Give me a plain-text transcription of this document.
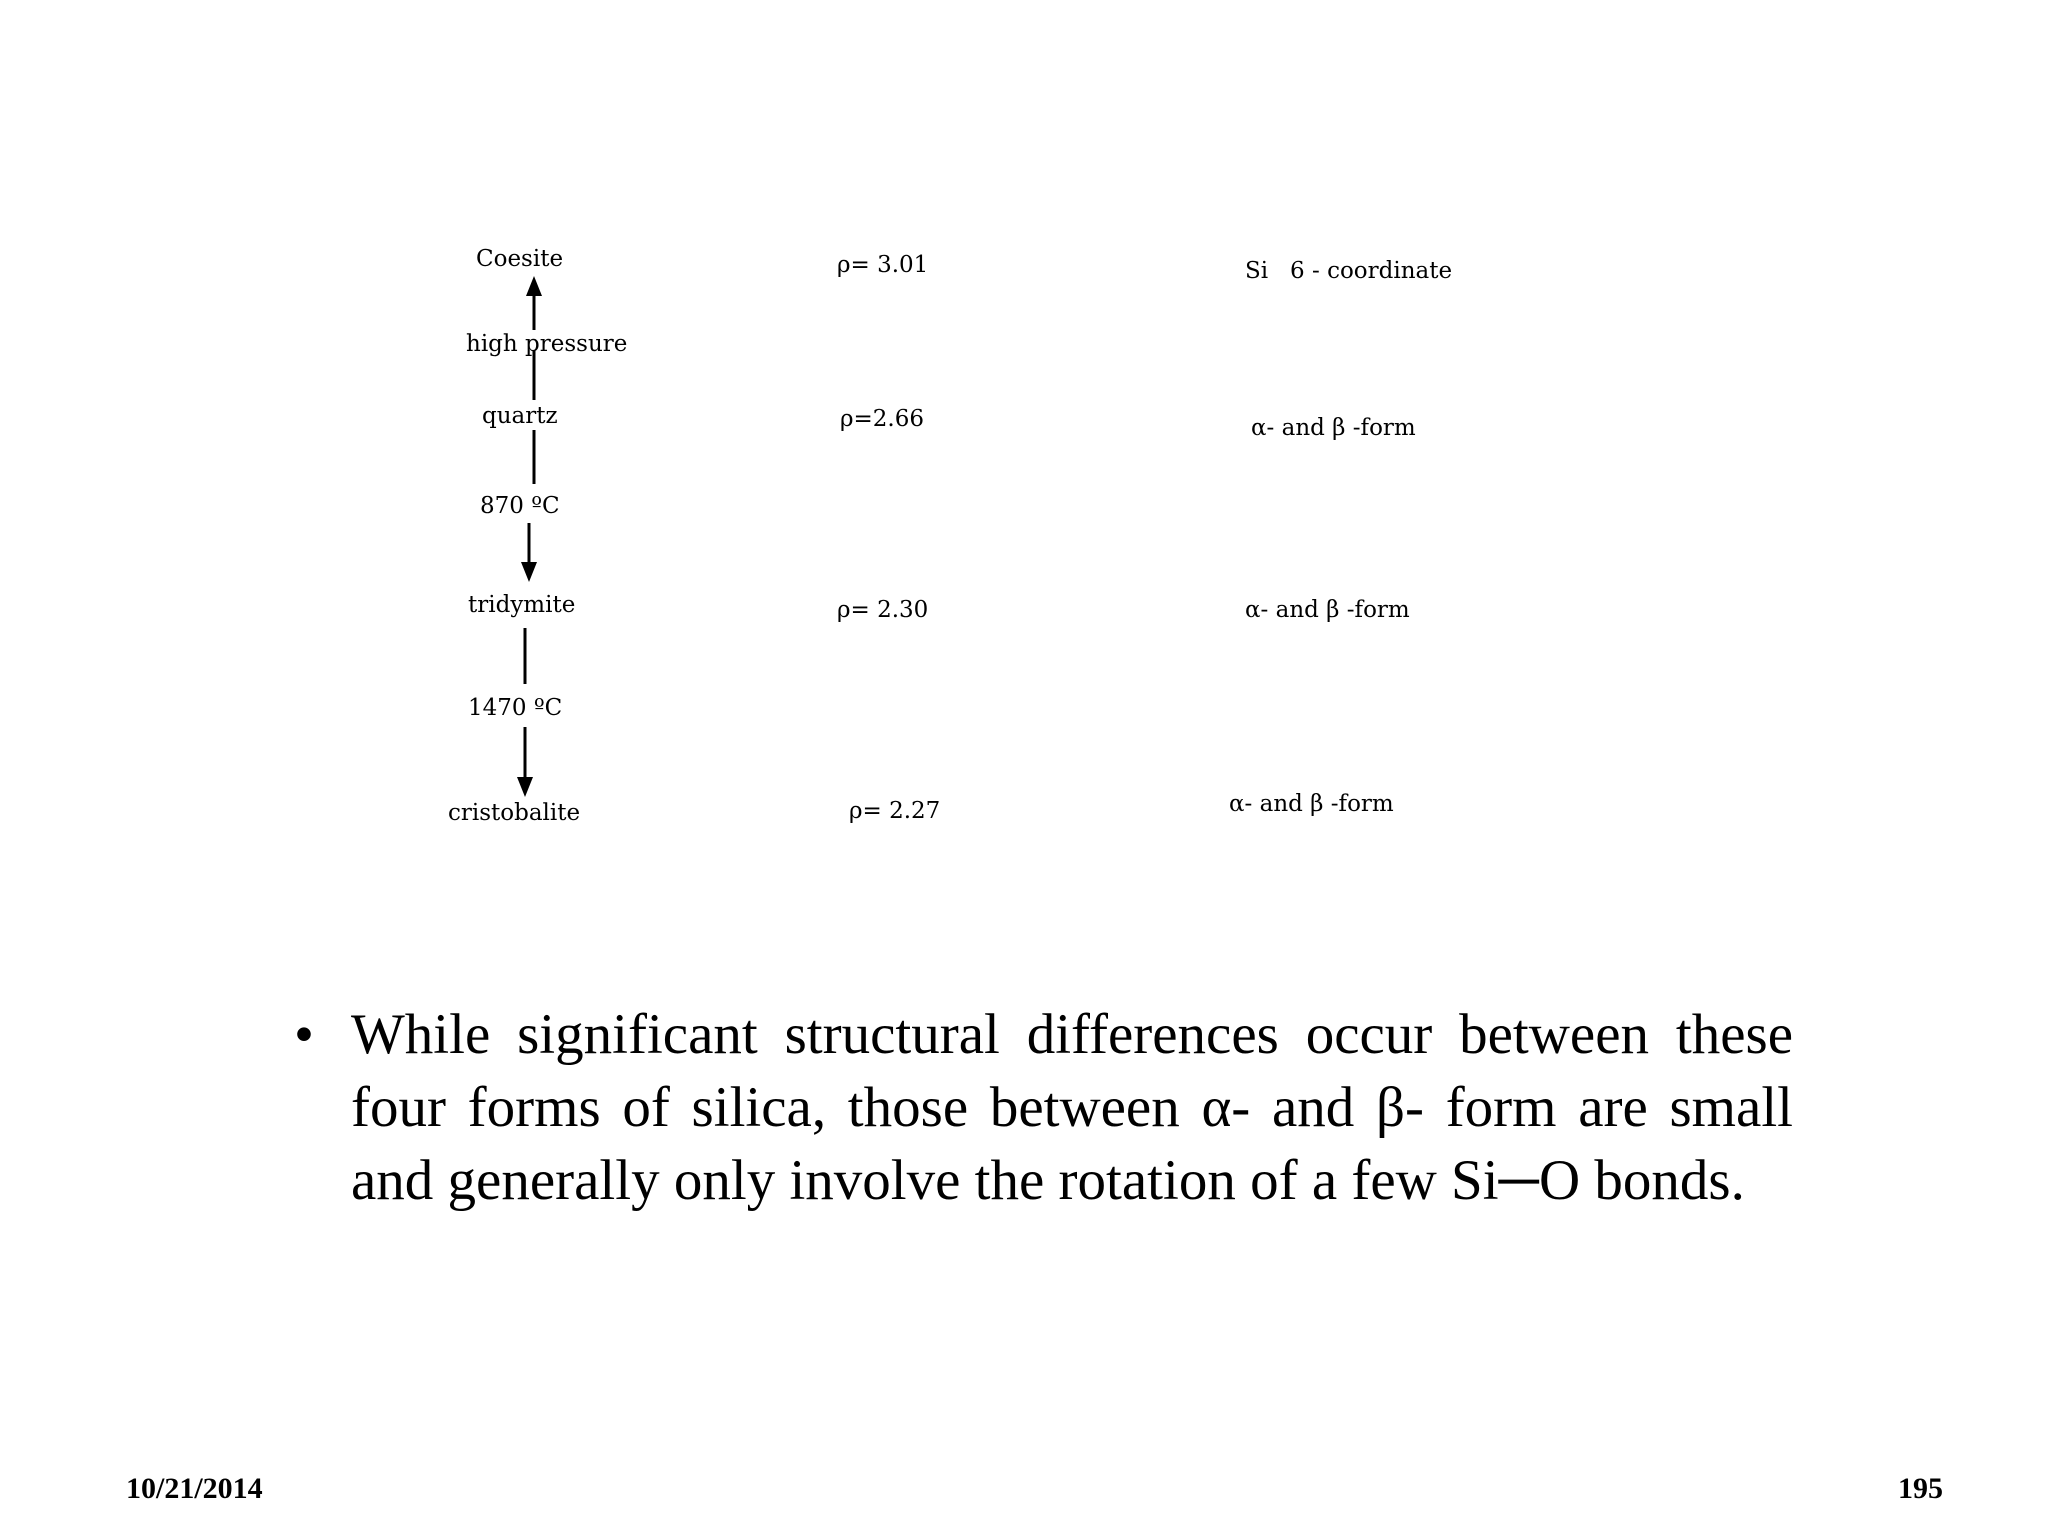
Coesite
high pressure
quartz
870 ºC
tridymite
1470 ºC
cristobalite
ρ= 3.01
ρ=2.66
ρ= 2.30
ρ= 2.27
Si   6 - coordinate
α- and β -form
α- and β -form
α- and β -form
• While significant structural differences occur between these four forms of silica, those between α- and β- form are small and generally only involve the rotation of a few Si─O bonds.
10/21/2014	195
